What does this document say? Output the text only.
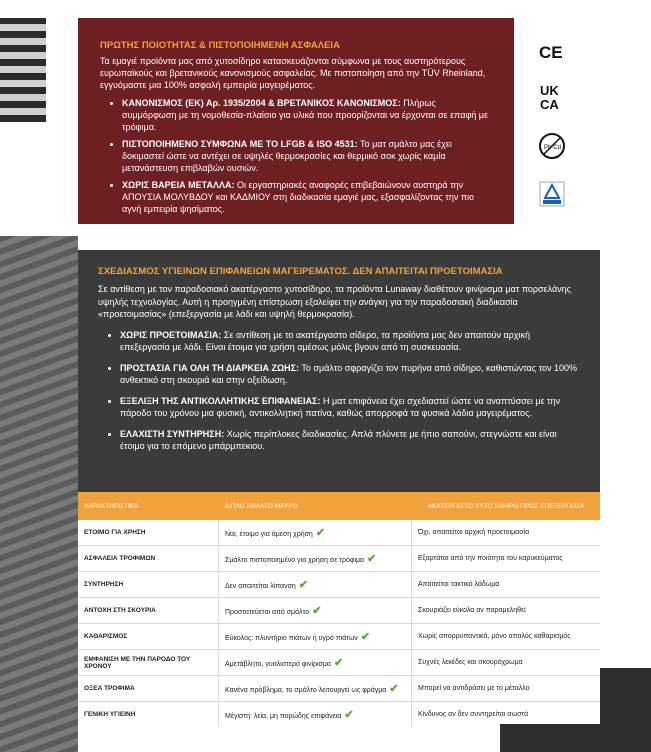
ΠΡΩΤΗΣ ΠΟΙΟΤΗΤΑΣ & ΠΙΣΤΟΠΟΙΗΜΕΝΗ ΑΣΦΑΛΕΙΑ

Τα εμαγιέ προϊόντα μας από χυτοσίδηρο κατασκευάζονται σύμφωνα με τους αυστηρότερους ευρωπαϊκούς και βρετανικούς κανονισμούς ασφαλείας. Με πιστοποίηση από την TÜV Rheinland, εγγυόμαστε μια 100% ασφαλή εμπειρία μαγειρέματος.

• ΚΑΝΟΝΙΣΜΟΣ (ΕΚ) Αρ. 1935/2004 & ΒΡΕΤΑΝΙΚΟΣ ΚΑΝΟΝΙΣΜΟΣ: Πλήρως συμμόρφωση με τη νομοθεσία-πλαίσιο για υλικά που προορίζονται να έρχονται σε επαφή με τρόφιμα.
• ΠΙΣΤΟΠΟΙΗΜΕΝΟ ΣΥΜΦΩΝΑ ΜΕ ΤΟ LFGB & ISO 4531: Το ματ σμάλτο μας έχει δοκιμαστεί ώστε να αντέχει σε υψηλές θερμοκρασίες και θερμικό σοκ χωρίς καμία μετανάστευση επιβλαβών ουσιών.
• ΧΩΡΙΣ ΒΑΡΕΙΑ ΜΕΤΑΛΛΑ: Οι εργαστηριακές αναφορές επιβεβαιώνουν αυστηρά την ΑΠΟΥΣΙΑ ΜΟΛΥΒΔΟΥ και ΚΑΔΜΙΟΥ στη διαδικασία εμαγιέ μας, εξασφαλίζοντας την πιο αγνή εμπειρία ψησίματος.
CE
UK
CA
Pb·Cd
ΣΧΕΔΙΑΣΜΟΣ ΥΓΙΕΙΝΩΝ ΕΠΙΦΑΝΕΙΩΝ ΜΑΓΕΙΡΕΜΑΤΟΣ. ΔΕΝ ΑΠΑΙΤΕΙΤΑΙ ΠΡΟΕΤΟΙΜΑΣΙΑ

Σε αντίθεση με τον παραδοσιακό ακατέργαστο χυτοσίδηρο, τα προϊόντα Lunaway διαθέτουν φινίρισμα ματ πορσελάνης υψηλής τεχνολογίας. Αυτή η προηγμένη επίστρωση εξαλείφει την ανάγκη για την παραδοσιακή διαδικασία «προετοιμασίας» (επεξεργασία με λάδι και υψηλή θερμοκρασία).

• ΧΩΡΙΣ ΠΡΟΕΤΟΙΜΑΣΙΑ: Σε αντίθεση με το ακατέργαστο σίδερο, τα προϊόντα μας δεν απαιτούν αρχική επεξεργασία με λάδι. Είναι έτοιμα για χρήση αμέσως μόλις βγουν από τη συσκευασία.
• ΠΡΟΣΤΑΣΙΑ ΓΙΑ ΟΛΗ ΤΗ ΔΙΑΡΚΕΙΑ ΖΩΗΣ: Το σμάλτο σφραγίζει τον πυρήνα από σίδηρο, καθιστώντας τον 100% ανθεκτικό στη σκουριά και στην οξείδωση.
• ΕΞΕΛΙΞΗ ΤΗΣ ΑΝΤΙΚΟΛΛΗΤΙΚΗΣ ΕΠΙΦΑΝΕΙΑΣ: Η ματ επιφάνεια έχει σχεδιαστεί ώστε να αναπτύσσει με την πάροδο του χρόνου μια φυσική, αντικολλητική πατίνα, καθώς απορροφά τα φυσικά λάδια μαγειρέματος.
• ΕΛΑΧΙΣΤΗ ΣΥΝΤΗΡΗΣΗ: Χωρίς περίπλοκες διαδικασίες. Απλά πλύνετε με ήπιο σαπούνι, στεγνώστε και είναι έτοιμο για το επόμενο μπάρμπεκιου.
ΧΑΡΑΚΤΗΡΙΣΤΙΚΑ	ΔΙΠΛΟ ΣΜΑΛΤΟ ΜΑΥΡΟ	ΑΚΑΤΕΡΓΑΣΤΟ ΧΥΤΟ ΣΙΔΗΡΟ ΠΡΟΣ ΕΠΕΞΕΡΓΑΣΙΑ
ΕΤΟΙΜΟ ΓΙΑ ΧΡΗΣΗ	Ναι, έτοιμο για άμεση χρήση ✔	Όχι, απαιτείται αρχική προετοιμασία
ΑΣΦΑΛΕΙΑ ΤΡΟΦΙΜΩΝ	Σμάλτο πιστοποιημένο για χρήση σε τρόφιμα ✔	Εξαρτάται από την ποιότητα του καρυκεύματος
ΣΥΝΤΗΡΗΣΗ	Δεν απαιτείται λίπανση ✔	Απαιτείται τακτικό λάδωμα
ΑΝΤΟΧΗ ΣΤΗ ΣΚΟΥΡΙΑ	Προστατεύεται από σμάλτο ✔	Σκουριάζει εύκολα αν παραμεληθεί
ΚΑΘΑΡΙΣΜΟΣ	Εύκολος: πλυντήριο πιάτων ή υγρό πιάτων ✔	Χωρίς απορρυπαντικά, μόνο απαλός καθαρισμός
ΕΜΦΑΝΙΣΗ ΜΕ ΤΗΝ ΠΑΡΟΔΟ ΤΟΥ ΧΡΟΝΟΥ	Αμετάβλητο, γυαλιστερό φινίρισμα ✔	Συχνές λεκέδες και σκουρόχρωμα
ΟΞΕΑ ΤΡΟΦΙΜΑ	Κανένα πρόβλημα, το σμάλτο λειτουργεί ως φράγμα ✔	Μπορεί να αντιδράσει με το μέταλλο
ΓΕΝΙΚΗ ΥΓΙΕΙΝΗ	Μέγιστη: λεία, μη πορώδης επιφάνεια ✔	Κίνδυνος αν δεν συντηρείται σωστά
